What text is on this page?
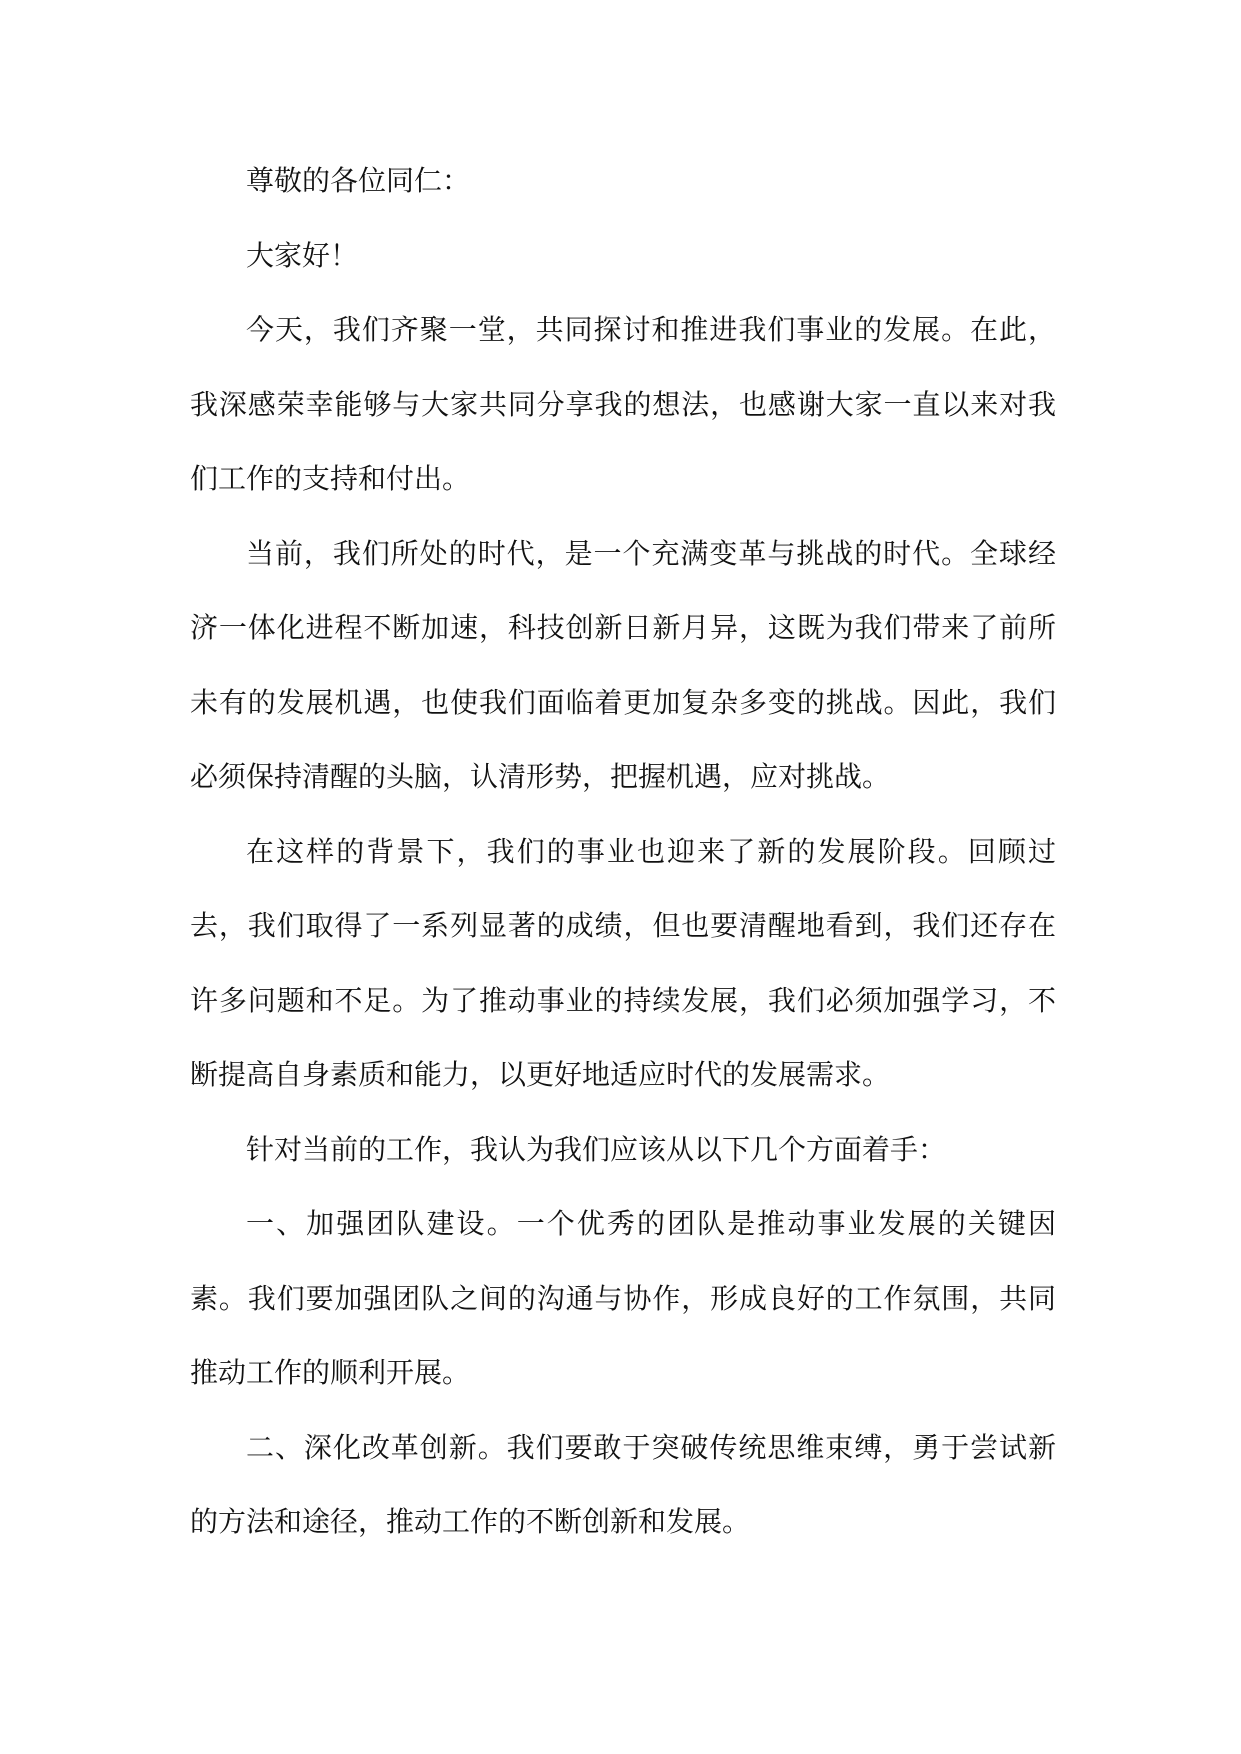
尊敬的各位同仁：

大家好！

今天，我们齐聚一堂，共同探讨和推进我们事业的发展。在此，我深感荣幸能够与大家共同分享我的想法，也感谢大家一直以来对我们工作的支持和付出。

当前，我们所处的时代，是一个充满变革与挑战的时代。全球经济一体化进程不断加速，科技创新日新月异，这既为我们带来了前所未有的发展机遇，也使我们面临着更加复杂多变的挑战。因此，我们必须保持清醒的头脑，认清形势，把握机遇，应对挑战。

在这样的背景下，我们的事业也迎来了新的发展阶段。回顾过去，我们取得了一系列显著的成绩，但也要清醒地看到，我们还存在许多问题和不足。为了推动事业的持续发展，我们必须加强学习，不断提高自身素质和能力，以更好地适应时代的发展需求。

针对当前的工作，我认为我们应该从以下几个方面着手：

一、加强团队建设。一个优秀的团队是推动事业发展的关键因素。我们要加强团队之间的沟通与协作，形成良好的工作氛围，共同推动工作的顺利开展。

二、深化改革创新。我们要敢于突破传统思维束缚，勇于尝试新的方法和途径，推动工作的不断创新和发展。
